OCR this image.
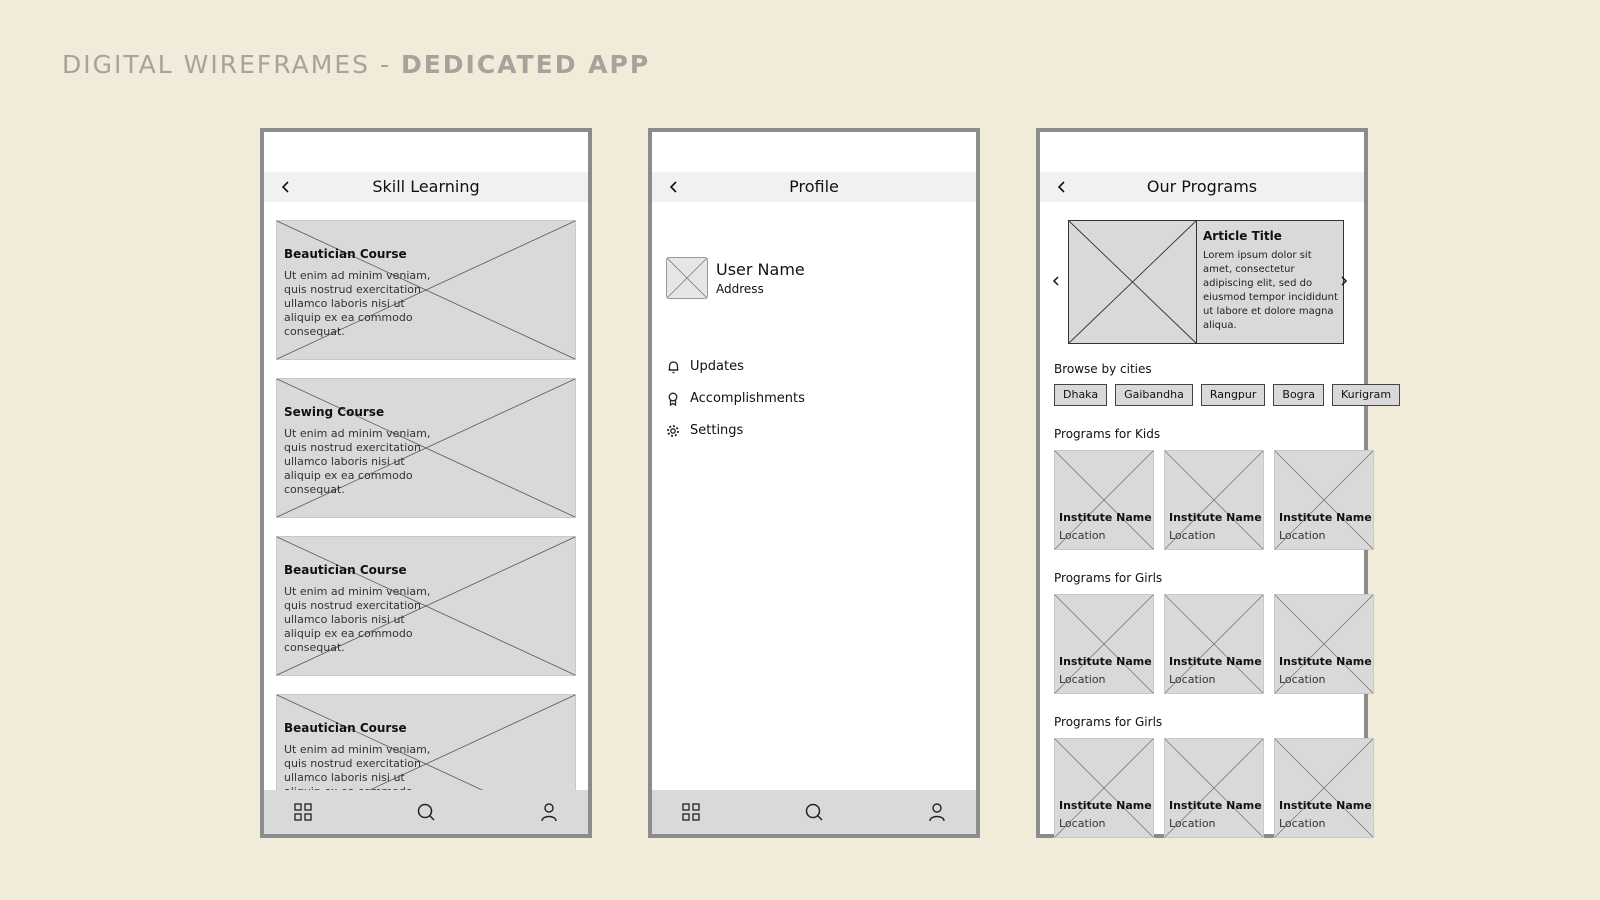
DIGITAL WIREFRAMES - DEDICATED APP
Skill Learning
Beautician Course
Ut enim ad minim veniam, quis nostrud exercitation ullamco laboris nisi ut aliquip ex ea commodo consequat.
Sewing Course
Ut enim ad minim veniam, quis nostrud exercitation ullamco laboris nisi ut aliquip ex ea commodo consequat.
Beautician Course
Ut enim ad minim veniam, quis nostrud exercitation ullamco laboris nisi ut aliquip ex ea commodo consequat.
Beautician Course
Ut enim ad minim veniam, quis nostrud exercitation ullamco laboris nisi ut
Profile
User Name
Address
Updates
Accomplishments
Settings
Our Programs
Article Title
Lorem ipsum dolor sit amet, consectetur adipiscing elit, sed do eiusmod tempor incididunt ut labore et dolore magna aliqua.
Browse by cities
Dhaka	Gaibandha	Rangpur	Bogra	Kurigram
Programs for Kids
Institute Name
Location
Institute Name
Location
Institute Name
Location
Programs for Girls
Institute Name
Location
Institute Name
Location
Institute Name
Location
Programs for Girls
Institute Name
Location
Institute Name
Location
Institute Name
Location
